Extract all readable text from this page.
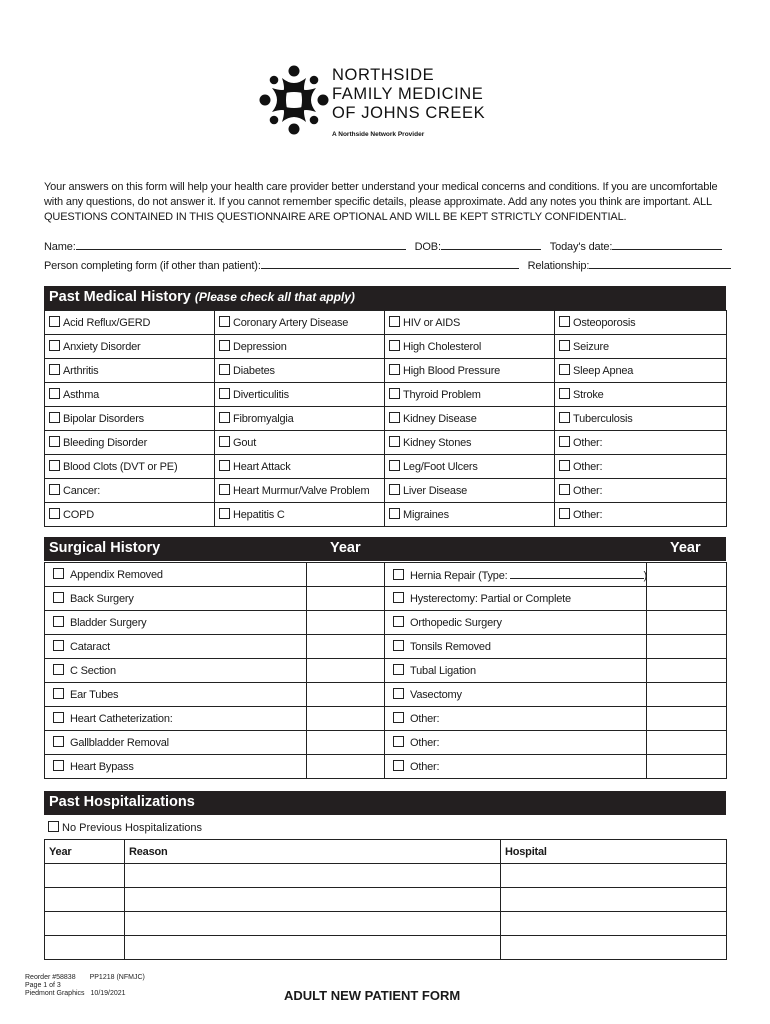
NORTHSIDE
FAMILY MEDICINE
OF JOHNS CREEK
A Northside Network Provider
Your answers on this form will help your health care provider better understand your medical concerns and conditions. If you are uncomfortable
with any questions, do not answer it. If you cannot remember specific details, please approximate. Add any notes you think are important. ALL
QUESTIONS CONTAINED IN THIS QUESTIONNAIRE ARE OPTIONAL AND WILL BE KEPT STRICTLY CONFIDENTIAL.
Name:	DOB:	Today's date:
Person completing form (if other than patient):	Relationship:
Past Medical History (Please check all that apply)
Acid Reflux/GERD	Coronary Artery Disease	HIV or AIDS	Osteoporosis
Anxiety Disorder	Depression	High Cholesterol	Seizure
Arthritis	Diabetes	High Blood Pressure	Sleep Apnea
Asthma	Diverticulitis	Thyroid Problem	Stroke
Bipolar Disorders	Fibromyalgia	Kidney Disease	Tuberculosis
Bleeding Disorder	Gout	Kidney Stones	Other:
Blood Clots (DVT or PE)	Heart Attack	Leg/Foot Ulcers	Other:
Cancer:	Heart Murmur/Valve Problem	Liver Disease	Other:
COPD	Hepatitis C	Migraines	Other:
Surgical History	Year	Year
Appendix Removed		Hernia Repair (Type: )	
Back Surgery		Hysterectomy: Partial or Complete	
Bladder Surgery		Orthopedic Surgery	
Cataract		Tonsils Removed	
C Section		Tubal Ligation	
Ear Tubes		Vasectomy	
Heart Catheterization:		Other:	
Gallbladder Removal		Other:	
Heart Bypass		Other:	
Past Hospitalizations
No Previous Hospitalizations
Year	Reason	Hospital

Reorder #58838 PP1218 (NFMJC)
Page 1 of 3
Piedmont Graphics 10/19/2021	ADULT NEW PATIENT FORM
